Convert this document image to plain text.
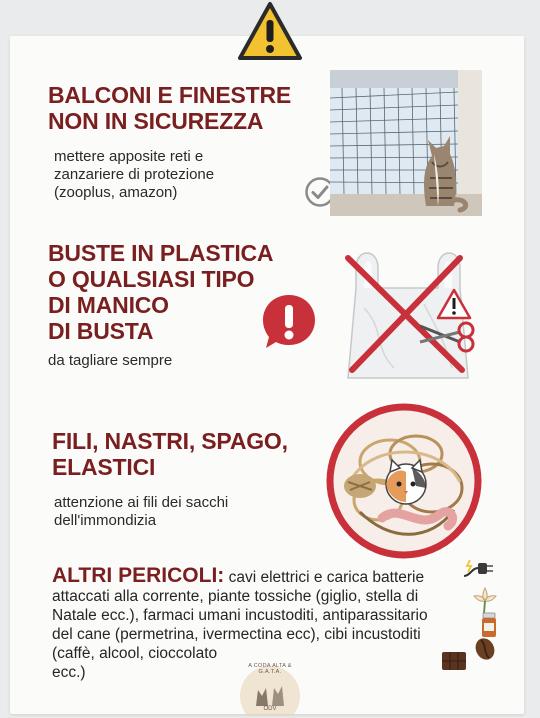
BALCONI E FINESTRE
NON IN SICUREZZA
mettere apposite reti e
zanzariere di protezione
(zooplus, amazon)
BUSTE IN PLASTICA
O QUALSIASI TIPO
DI MANICO
DI BUSTA
da tagliare sempre
FILI, NASTRI, SPAGO,
ELASTICI
attenzione ai fili dei sacchi
dell'immondizia
ALTRI PERICOLI: cavi elettrici e carica batterie
attaccati alla corrente, piante tossiche (giglio, stella di
Natale ecc.), farmaci umani incustoditi, antiparassitario
del cane (permetrina, ivermectina ecc), cibi incustoditi
(caffè, alcool, cioccolato
ecc.)	A CODA ALTA & G.A.T.A.
ODV
